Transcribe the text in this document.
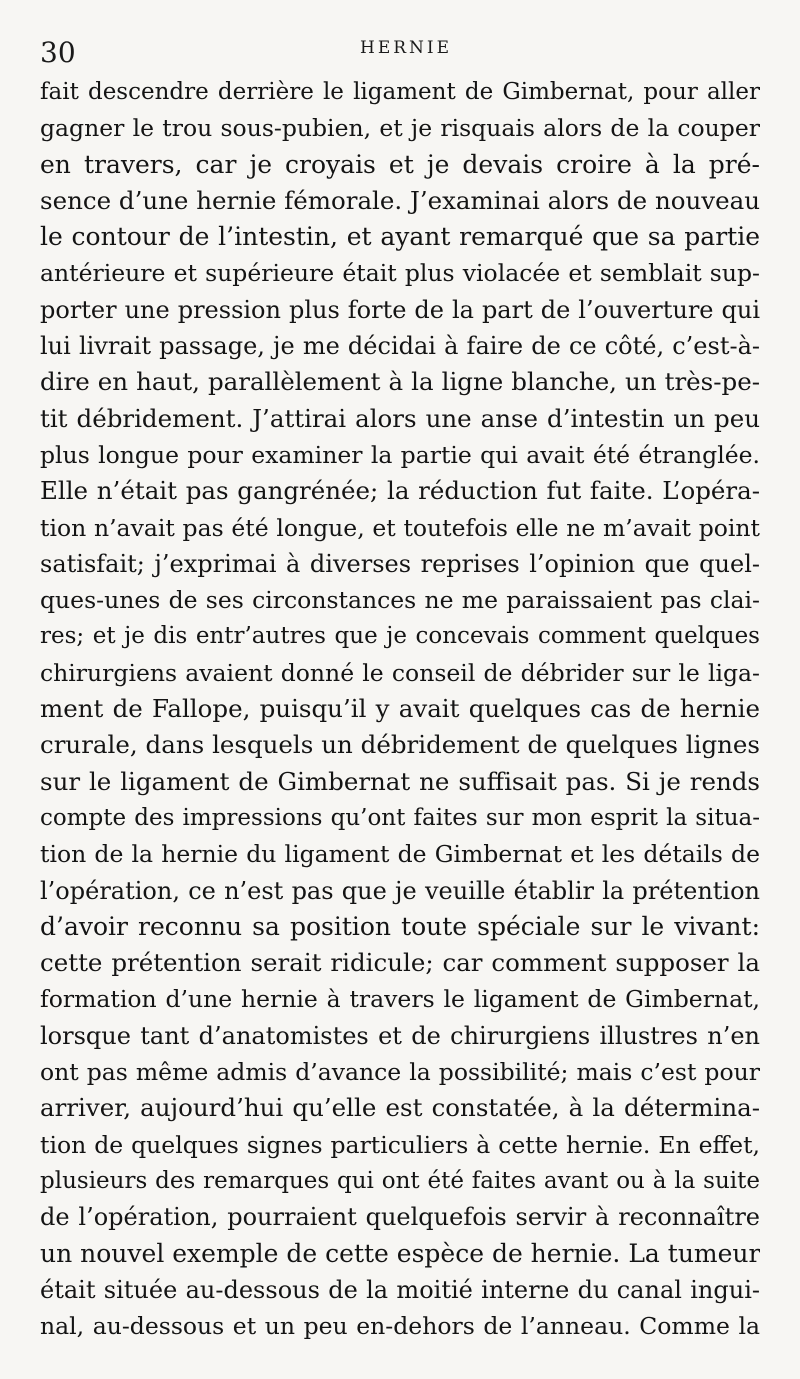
30	HERNIE
fait descendre derrière le ligament de Gimbernat, pour aller
gagner le trou sous-pubien, et je risquais alors de la couper
en travers, car je croyais et je devais croire à la pré-
sence d’une hernie fémorale. J’examinai alors de nouveau
le contour de l’intestin, et ayant remarqué que sa partie
antérieure et supérieure était plus violacée et semblait sup-
porter une pression plus forte de la part de l’ouverture qui
lui livrait passage, je me décidai à faire de ce côté, c’est-à-
dire en haut, parallèlement à la ligne blanche, un très-pe-
tit débridement. J’attirai alors une anse d’intestin un peu
plus longue pour examiner la partie qui avait été étranglée.
Elle n’était pas gangrénée; la réduction fut faite. L’opéra-
tion n’avait pas été longue, et toutefois elle ne m’avait point
satisfait; j’exprimai à diverses reprises l’opinion que quel-
ques-unes de ses circonstances ne me paraissaient pas clai-
res; et je dis entr’autres que je concevais comment quelques
chirurgiens avaient donné le conseil de débrider sur le liga-
ment de Fallope, puisqu’il y avait quelques cas de hernie
crurale, dans lesquels un débridement de quelques lignes
sur le ligament de Gimbernat ne suffisait pas. Si je rends
compte des impressions qu’ont faites sur mon esprit la situa-
tion de la hernie du ligament de Gimbernat et les détails de
l’opération, ce n’est pas que je veuille établir la prétention
d’avoir reconnu sa position toute spéciale sur le vivant:
cette prétention serait ridicule; car comment supposer la
formation d’une hernie à travers le ligament de Gimbernat,
lorsque tant d’anatomistes et de chirurgiens illustres n’en
ont pas même admis d’avance la possibilité; mais c’est pour
arriver, aujourd’hui qu’elle est constatée, à la détermina-
tion de quelques signes particuliers à cette hernie. En effet,
plusieurs des remarques qui ont été faites avant ou à la suite
de l’opération, pourraient quelquefois servir à reconnaître
un nouvel exemple de cette espèce de hernie. La tumeur
était située au-dessous de la moitié interne du canal ingui-
nal, au-dessous et un peu en-dehors de l’anneau. Comme la
